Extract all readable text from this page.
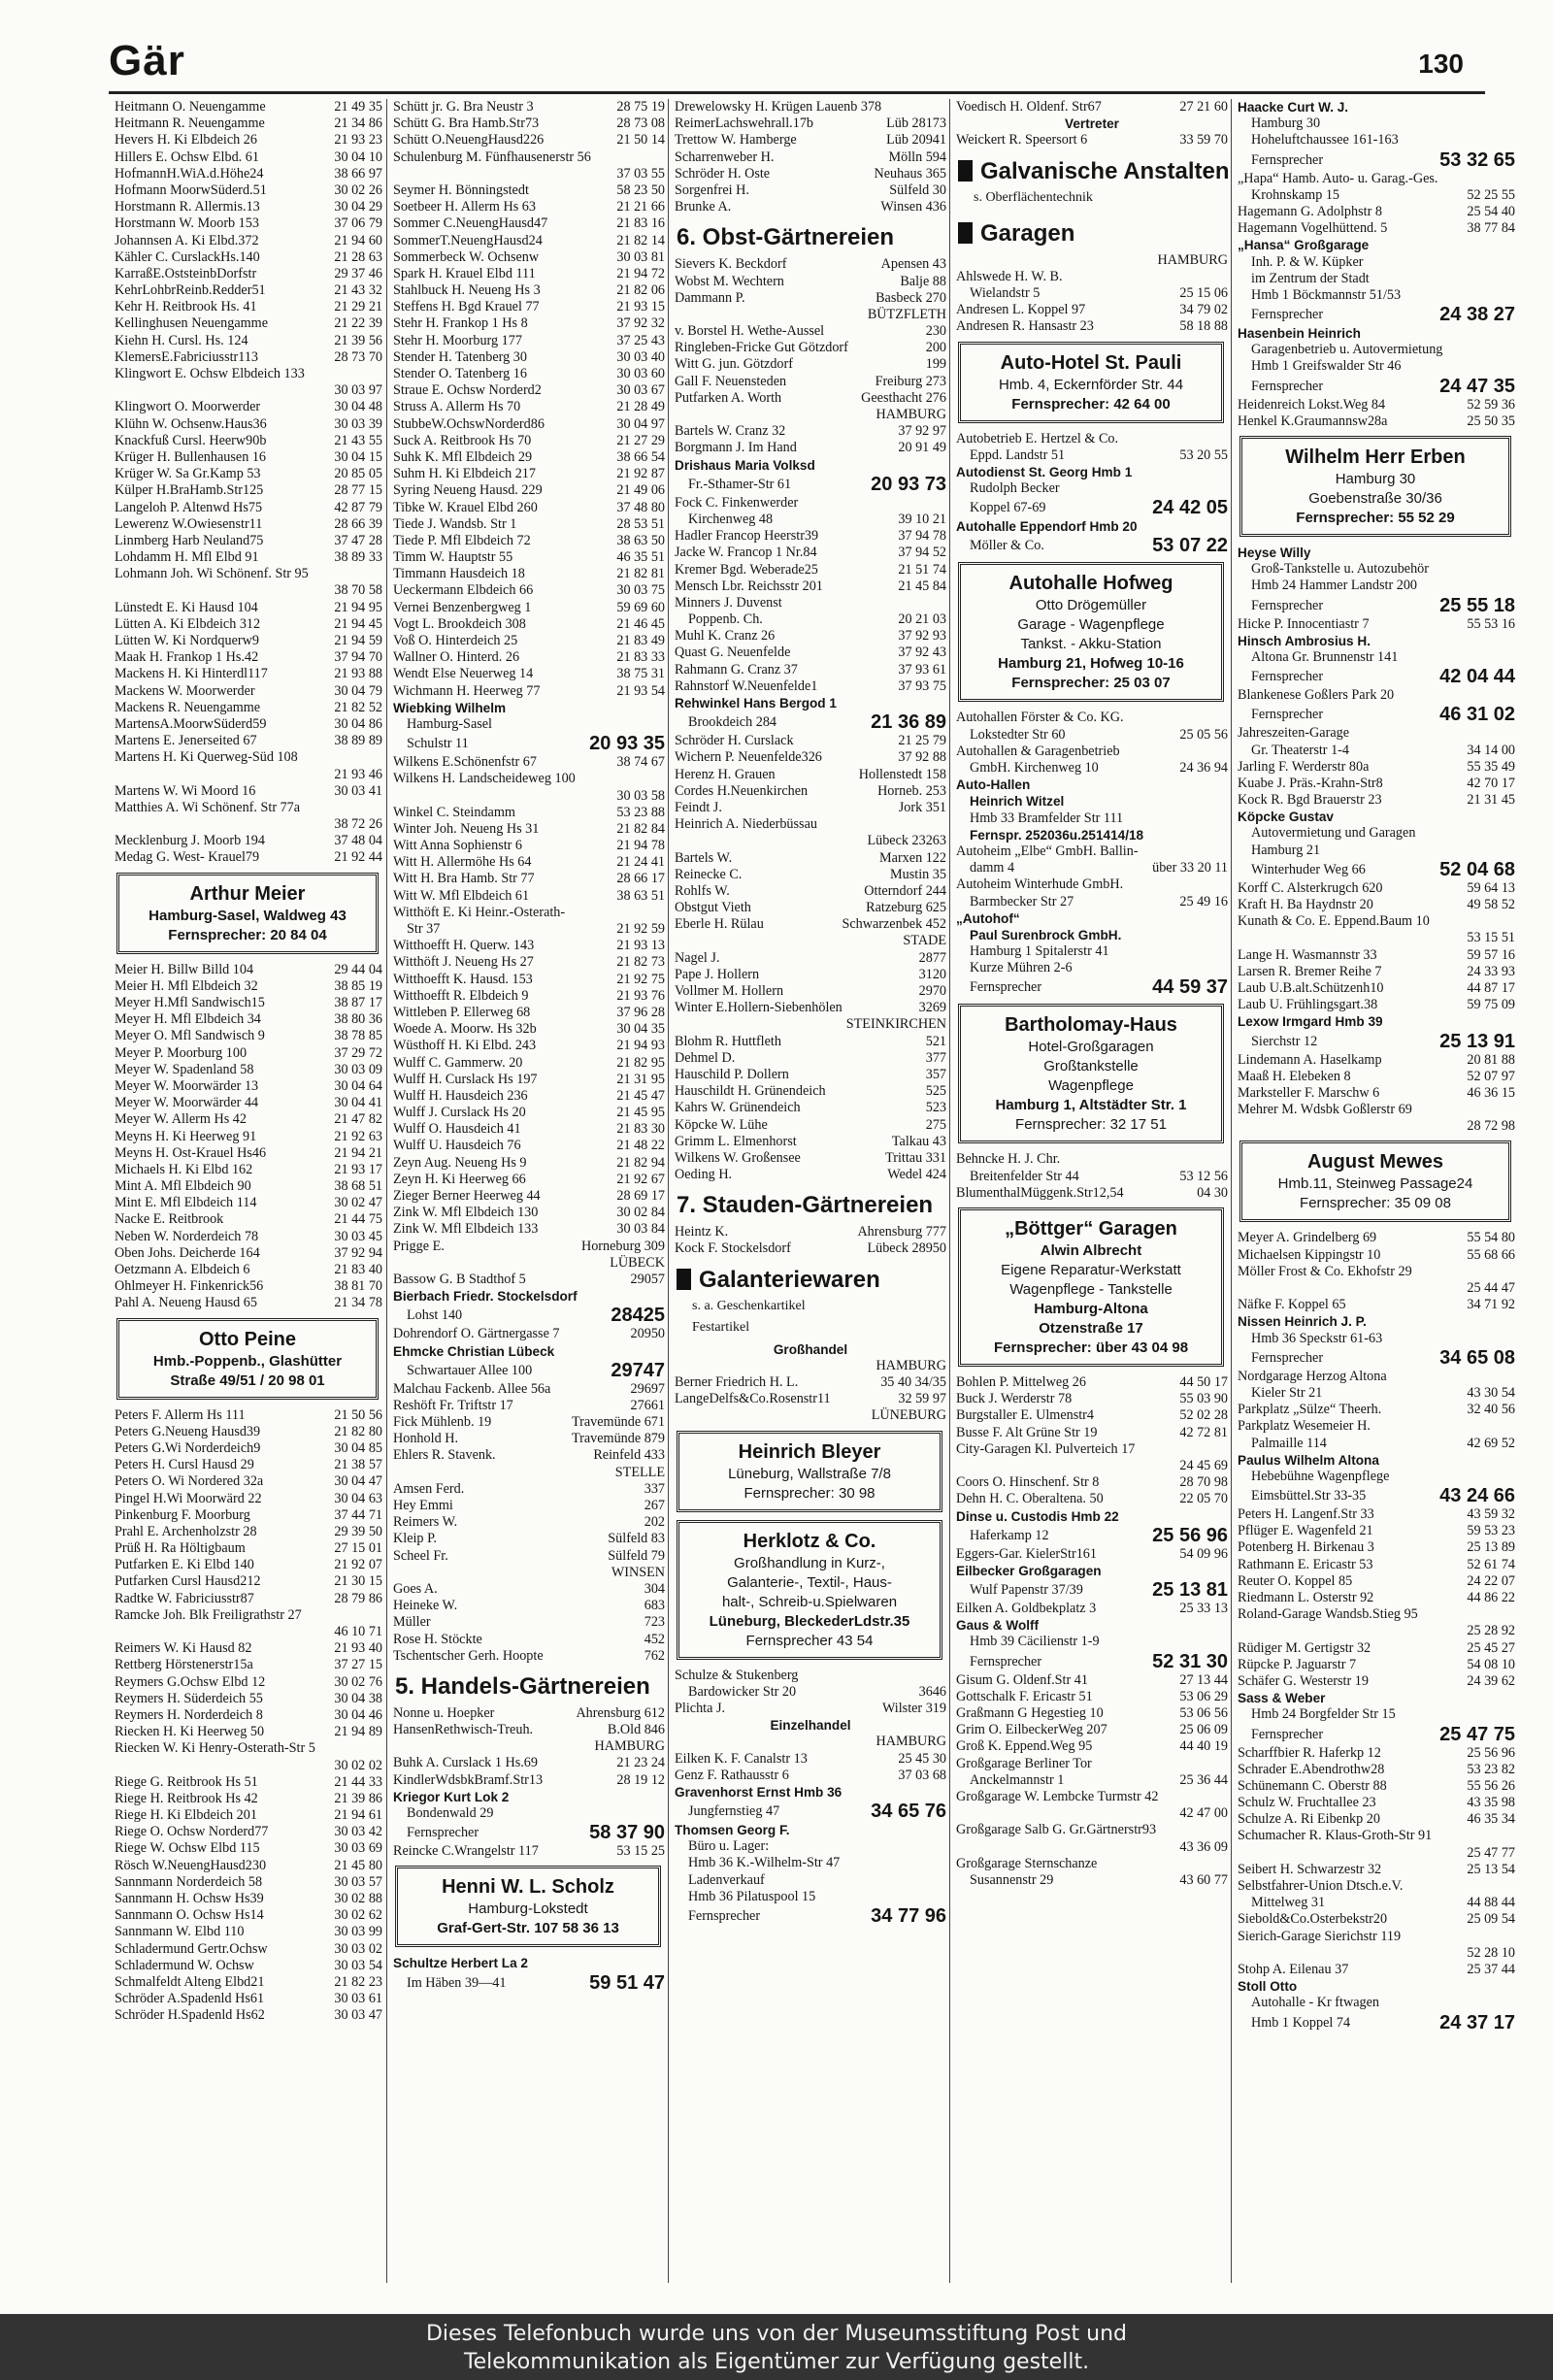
Gär	130
Heitmann O. Neuengamme	21 49 35
Heitmann R. Neuengamme	21 34 86
Hevers H. Ki Elbdeich 26	21 93 23
Hillers E. Ochsw Elbd. 61	30 04 10
HofmannH.WiA.d.Höhe24	38 66 97
Hofmann MoorwSüderd.51	30 02 26
Horstmann R. Allermis.13	30 04 29
Horstmann W. Moorb 153	37 06 79
Johannsen A. Ki Elbd.372	21 94 60
Kähler C. CurslackHs.140	21 28 63
KarraßE.OststeinbDorfstr	29 37 46
KehrLohbrReinb.Redder51	21 43 32
Kehr H. Reitbrook Hs. 41	21 29 21
Kellinghusen Neuengamme	21 22 39
Kiehn H. Cursl. Hs. 124	21 39 56
KlemersE.Fabriciusstr113	28 73 70
Klingwort E. Ochsw Elbdeich 133
30 03 97
Klingwort O. Moorwerder	30 04 48
Klühn W. Ochsenw.Haus36	30 03 39
Knackfuß Cursl. Heerw90b	21 43 55
Krüger H. Bullenhausen 16	30 04 15
Krüger W. Sa Gr.Kamp 53	20 85 05
Külper H.BraHamb.Str125	28 77 15
Langeloh P. Altenwd Hs75	42 87 79
Lewerenz W.Owiesenstr11	28 66 39
Linmberg Harb Neuland75	37 47 28
Lohdamm H. Mfl Elbd 91	38 89 33
Lohmann Joh. Wi Schönenf. Str 95
38 70 58
Lünstedt E. Ki Hausd 104	21 94 95
Lütten A. Ki Elbdeich 312	21 94 45
Lütten W. Ki Nordquerw9	21 94 59
Maak H. Frankop 1 Hs.42	37 94 70
Mackens H. Ki Hinterdl117	21 93 88
Mackens W. Moorwerder	30 04 79
Mackens R. Neuengamme	21 82 52
MartensA.MoorwSüderd59	30 04 86
Martens E. Jenerseited 67	38 89 89
Martens H. Ki Querweg-Süd 108
21 93 46
Martens W. Wi Moord 16	30 03 41
Matthies A. Wi Schönenf. Str 77a
38 72 26
Mecklenburg J. Moorb 194	37 48 04
Medag G. West- Krauel79	21 92 44
Arthur Meier
Hamburg-Sasel, Waldweg 43
Fernsprecher: 20 84 04
Meier H. Billw Billd 104	29 44 04
Meier H. Mfl Elbdeich 32	38 85 19
Meyer H.Mfl Sandwisch15	38 87 17
Meyer H. Mfl Elbdeich 34	38 80 36
Meyer O. Mfl Sandwisch 9	38 78 85
Meyer P. Moorburg 100	37 29 72
Meyer W. Spadenland 58	30 03 09
Meyer W. Moorwärder 13	30 04 64
Meyer W. Moorwärder 44	30 04 41
Meyer W. Allerm Hs 42	21 47 82
Meyns H. Ki Heerweg 91	21 92 63
Meyns H. Ost-Krauel Hs46	21 94 21
Michaels H. Ki Elbd 162	21 93 17
Mint A. Mfl Elbdeich 90	38 68 51
Mint E. Mfl Elbdeich 114	30 02 47
Nacke E. Reitbrook	21 44 75
Neben W. Norderdeich 78	30 03 45
Oben Johs. Deicherde 164	37 92 94
Oetzmann A. Elbdeich 6	21 83 40
Ohlmeyer H. Finkenrick56	38 81 70
Pahl A. Neueng Hausd 65	21 34 78
Otto Peine
Hmb.-Poppenb., Glashütter
Straße 49/51 / 20 98 01
Peters F. Allerm Hs 111	21 50 56
Peters G.Neueng Hausd39	21 82 80
Peters G.Wi Norderdeich9	30 04 85
Peters H. Cursl Hausd 29	21 38 57
Peters O. Wi Nordered 32a	30 04 47
Pingel H.Wi Moorwärd 22	30 04 63
Pinkenburg F. Moorburg	37 44 71
Prahl E. Archenholzstr 28	29 39 50
Prüß H. Ra Höltigbaum	27 15 01
Putfarken E. Ki Elbd 140	21 92 07
Putfarken Cursl Hausd212	21 30 15
Radtke W. Fabriciusstr87	28 79 86
Ramcke Joh. Blk Freiligrathstr 27
46 10 71
Reimers W. Ki Hausd 82	21 93 40
Rettberg Hörstenerstr15a	37 27 15
Reymers G.Ochsw Elbd 12	30 02 76
Reymers H. Süderdeich 55	30 04 38
Reymers H. Norderdeich 8	30 04 46
Riecken H. Ki Heerweg 50	21 94 89
Riecken W. Ki Henry-Osterath-Str 5
30 02 02
Riege G. Reitbrook Hs 51	21 44 33
Riege H. Reitbrook Hs 42	21 39 86
Riege H. Ki Elbdeich 201	21 94 61
Riege O. Ochsw Norderd77	30 03 42
Riege W. Ochsw Elbd 115	30 03 69
Rösch W.NeuengHausd230	21 45 80
Sannmann Norderdeich 58	30 03 57
Sannmann H. Ochsw Hs39	30 02 88
Sannmann O. Ochsw Hs14	30 02 62
Sannmann W. Elbd 110	30 03 99
Schladermund Gertr.Ochsw	30 03 02
Schladermund W. Ochsw	30 03 54
Schmalfeldt Alteng Elbd21	21 82 23
Schröder A.Spadenld Hs61	30 03 61
Schröder H.Spadenld Hs62	30 03 47
Schütt jr. G. Bra Neustr 3	28 75 19
Schütt G. Bra Hamb.Str73	28 73 08
Schütt O.NeuengHausd226	21 50 14
Schulenburg M. Fünfhausenerstr 56
37 03 55
Seymer H. Bönningstedt	58 23 50
Soetbeer H. Allerm Hs 63	21 21 66
Sommer C.NeuengHausd47	21 83 16
SommerT.NeuengHausd24	21 82 14
Sommerbeck W. Ochsenw	30 03 81
Spark H. Krauel Elbd 111	21 94 72
Stahlbuck H. Neueng Hs 3	21 82 06
Steffens H. Bgd Krauel 77	21 93 15
Stehr H. Frankop 1 Hs 8	37 92 32
Stehr H. Moorburg 177	37 25 43
Stender H. Tatenberg 30	30 03 40
Stender O. Tatenberg 16	30 03 60
Straue E. Ochsw Norderd2	30 03 67
Struss A. Allerm Hs 70	21 28 49
StubbeW.OchswNorderd86	30 04 97
Suck A. Reitbrook Hs 70	21 27 29
Suhk K. Mfl Elbdeich 29	38 66 54
Suhm H. Ki Elbdeich 217	21 92 87
Syring Neueng Hausd. 229	21 49 06
Tibke W. Krauel Elbd 260	37 48 80
Tiede J. Wandsb. Str 1	28 53 51
Tiede P. Mfl Elbdeich 72	38 63 50
Timm W. Hauptstr 55	46 35 51
Timmann Hausdeich 18	21 82 81
Ueckermann Elbdeich 66	30 03 75
Vernei Benzenbergweg 1	59 69 60
Vogt L. Brookdeich 308	21 46 45
Voß O. Hinterdeich 25	21 83 49
Wallner O. Hinterd. 26	21 83 33
Wendt Else Neuerweg 14	38 75 31
Wichmann H. Heerweg 77	21 93 54
Wiebking Wilhelm
Hamburg-Sasel
Schulstr 11	20 93 35
Wilkens E.Schönenfstr 67	38 74 67
Wilkens H. Landscheideweg 100
30 03 58
Winkel C. Steindamm	53 23 88
Winter Joh. Neueng Hs 31	21 82 84
Witt Anna Sophienstr 6	21 94 78
Witt H. Allermöhe Hs 64	21 24 41
Witt H. Bra Hamb. Str 77	28 66 17
Witt W. Mfl Elbdeich 61	38 63 51
Witthöft E. Ki Heinr.-Osterath-
Str 37	21 92 59
Witthoefft H. Querw. 143	21 93 13
Witthöft J. Neueng Hs 27	21 82 73
Witthoefft K. Hausd. 153	21 92 75
Witthoefft R. Elbdeich 9	21 93 76
Wittleben P. Ellerweg 68	37 96 28
Woede A. Moorw. Hs 32b	30 04 35
Wüsthoff H. Ki Elbd. 243	21 94 93
Wulff C. Gammerw. 20	21 82 95
Wulff H. Curslack Hs 197	21 31 95
Wulff H. Hausdeich 236	21 45 47
Wulff J. Curslack Hs 20	21 45 95
Wulff O. Hausdeich 41	21 83 30
Wulff U. Hausdeich 76	21 48 22
Zeyn Aug. Neueng Hs 9	21 82 94
Zeyn H. Ki Heerweg 66	21 92 67
Zieger Berner Heerweg 44	28 69 17
Zink W. Mfl Elbdeich 130	30 02 84
Zink W. Mfl Elbdeich 133	30 03 84
Prigge E.	Horneburg 309
LÜBECK
Bassow G. B Stadthof 5	29057
Bierbach Friedr. Stockelsdorf
Lohst 140	28425
Dohrendorf O. Gärtnergasse 7	20950
Ehmcke Christian Lübeck
Schwartauer Allee 100	29747
Malchau Fackenb. Allee 56a	29697
Reshöft Fr. Triftstr 17	27661
Fick Mühlenb. 19	Travemünde 671
Honhold H.	Travemünde 879
Ehlers R. Stavenk.	Reinfeld 433
STELLE
Amsen Ferd.	337
Hey Emmi	267
Reimers W.	202
Kleip P.	Sülfeld 83
Scheel Fr.	Sülfeld 79
WINSEN
Goes A.	304
Heineke W.	683
Müller	723
Rose H. Stöckte	452
Tschentscher Gerh. Hoopte	762
5. Handels-Gärtnereien
Nonne u. Hoepker	Ahrensburg 612
HansenRethwisch-Treuh.	B.Old 846
HAMBURG
Buhk A. Curslack 1 Hs.69	21 23 24
KindlerWdsbkBramf.Str13	28 19 12
Kriegor Kurt Lok 2
Bondenwald 29
Fernsprecher	58 37 90
Reincke C.Wrangelstr 117	53 15 25
Henni W. L. Scholz
Hamburg-Lokstedt
Graf-Gert-Str. 107 58 36 13
Schultze Herbert La 2
Im Häben 39—41	59 51 47
Drewelowsky H. Krügen Lauenb 378
ReimerLachswehrall.17b	Lüb 28173
Trettow W. Hamberge	Lüb 20941
Scharrenweber H.	Mölln 594
Schröder H. Oste	Neuhaus 365
Sorgenfrei H.	Sülfeld 30
Brunke A.	Winsen 436
6. Obst-Gärtnereien
Sievers K. Beckdorf	Apensen 43
Wobst M. Wechtern	Balje 88
Dammann P.	Basbeck 270
BÜTZFLETH
v. Borstel H. Wethe-Aussel	230
Ringleben-Fricke Gut Götzdorf	200
Witt G. jun. Götzdorf	199
Gall F. Neuensteden	Freiburg 273
Putfarken A. Worth	Geesthacht 276
HAMBURG
Bartels W. Cranz 32	37 92 97
Borgmann J. Im Hand	20 91 49
Drishaus Maria Volksd
Fr.-Sthamer-Str 61	20 93 73
Fock C. Finkenwerder
Kirchenweg 48	39 10 21
Hadler Francop Heerstr39	37 94 78
Jacke W. Francop 1 Nr.84	37 94 52
Kremer Bgd. Weberade25	21 51 74
Mensch Lbr. Reichsstr 201	21 45 84
Minners J. Duvenst
Poppenb. Ch.	20 21 03
Muhl K. Cranz 26	37 92 93
Quast G. Neuenfelde	37 92 43
Rahmann G. Cranz 37	37 93 61
Rahnstorf W.Neuenfelde1	37 93 75
Rehwinkel Hans Bergod 1
Brookdeich 284	21 36 89
Schröder H. Curslack	21 25 79
Wichern P. Neuenfelde326	37 92 88
Herenz H. Grauen	Hollenstedt 158
Cordes H.Neuenkirchen	Horneb. 253
Feindt J.	Jork 351
Heinrich A. Niederbüssau
Lübeck 23263
Bartels W.	Marxen 122
Reinecke C.	Mustin 35
Rohlfs W.	Otterndorf 244
Obstgut Vieth	Ratzeburg 625
Eberle H. Rülau	Schwarzenbek 452
STADE
Nagel J.	2877
Pape J. Hollern	3120
Vollmer M. Hollern	2970
Winter E.Hollern-Siebenhölen	3269
STEINKIRCHEN
Blohm R. Huttfleth	521
Dehmel D.	377
Hauschild P. Dollern	357
Hauschildt H. Grünendeich	525
Kahrs W. Grünendeich	523
Köpcke W. Lühe	275
Grimm L. Elmenhorst	Talkau 43
Wilkens W. Großensee	Trittau 331
Oeding H.	Wedel 424
7. Stauden-Gärtnereien
Heintz K.	Ahrensburg 777
Kock F. Stockelsdorf	Lübeck 28950
Galanteriewaren
s. a. Geschenkartikel
Festartikel
Großhandel
HAMBURG
Berner Friedrich H. L.	35 40 34/35
LangeDelfs&Co.Rosenstr11	32 59 97
LÜNEBURG
Heinrich Bleyer
Lüneburg, Wallstraße 7/8
Fernsprecher: 30 98
Herklotz & Co.
Großhandlung in Kurz-,
Galanterie-, Textil-, Haus-
halt-, Schreib-u.Spielwaren
Lüneburg, BleckederLdstr.35
Fernsprecher 43 54
Schulze & Stukenberg
Bardowicker Str 20	3646
Plichta J.	Wilster 319
Einzelhandel
HAMBURG
Eilken K. F. Canalstr 13	25 45 30
Genz F. Rathausstr 6	37 03 68
Gravenhorst Ernst Hmb 36
Jungfernstieg 47	34 65 76
Thomsen Georg F.
Büro u. Lager:
Hmb 36 K.-Wilhelm-Str 47
Ladenverkauf
Hmb 36 Pilatuspool 15
Fernsprecher	34 77 96
Voedisch H. Oldenf. Str67	27 21 60
Vertreter
Weickert R. Speersort 6	33 59 70
Galvanische Anstalten
s. Oberflächentechnik
Garagen
HAMBURG
Ahlswede H. W. B.
Wielandstr 5	25 15 06
Andresen L. Koppel 97	34 79 02
Andresen R. Hansastr 23	58 18 88
Auto-Hotel St. Pauli
Hmb. 4, Eckernförder Str. 44
Fernsprecher: 42 64 00
Autobetrieb E. Hertzel & Co.
Eppd. Landstr 51	53 20 55
Autodienst St. Georg Hmb 1
Rudolph Becker
Koppel 67-69	24 42 05
Autohalle Eppendorf Hmb 20
Möller & Co.	53 07 22
Autohalle Hofweg
Otto Drögemüller
Garage - Wagenpflege
Tankst. - Akku-Station
Hamburg 21, Hofweg 10-16
Fernsprecher: 25 03 07
Autohallen Förster & Co. KG.
Lokstedter Str 60	25 05 56
Autohallen & Garagenbetrieb
GmbH. Kirchenweg 10	24 36 94
Auto-Hallen
Heinrich Witzel
Hmb 33 Bramfelder Str 111
Fernspr. 252036u.251414/18
Autoheim „Elbe“ GmbH. Ballin-
damm 4	über 33 20 11
Autoheim Winterhude GmbH.
Barmbecker Str 27	25 49 16
„Autohof“
Paul Surenbrock GmbH.
Hamburg 1 Spitalerstr 41
Kurze Mühren 2-6
Fernsprecher	44 59 37
Bartholomay-Haus
Hotel-Großgaragen
Großtankstelle
Wagenpflege
Hamburg 1, Altstädter Str. 1
Fernsprecher: 32 17 51
Behncke H. J. Chr.
Breitenfelder Str 44	53 12 56
BlumenthalMüggenk.Str12,54	04 30
„Böttger“ Garagen
Alwin Albrecht
Eigene Reparatur-Werkstatt
Wagenpflege - Tankstelle
Hamburg-Altona
Otzenstraße 17
Fernsprecher: über 43 04 98
Bohlen P. Mittelweg 26	44 50 17
Buck J. Werderstr 78	55 03 90
Burgstaller E. Ulmenstr4	52 02 28
Busse F. Alt Grüne Str 19	42 72 81
City-Garagen Kl. Pulverteich 17
24 45 69
Coors O. Hinschenf. Str 8	28 70 98
Dehn H. C. Oberaltena. 50	22 05 70
Dinse u. Custodis Hmb 22
Haferkamp 12	25 56 96
Eggers-Gar. KielerStr161	54 09 96
Eilbecker Großgaragen
Wulf Papenstr 37/39	25 13 81
Eilken A. Goldbekplatz 3	25 33 13
Gaus & Wolff
Hmb 39 Cäcilienstr 1-9
Fernsprecher	52 31 30
Gisum G. Oldenf.Str 41	27 13 44
Gottschalk F. Ericastr 51	53 06 29
Graßmann G Hegestieg 10	53 06 56
Grim O. EilbeckerWeg 207	25 06 09
Groß K. Eppend.Weg 95	44 40 19
Großgarage Berliner Tor
Anckelmannstr 1	25 36 44
Großgarage W. Lembcke Turmstr 42
42 47 00
Großgarage Salb G. Gr.Gärtnerstr93
43 36 09
Großgarage Sternschanze
Susannenstr 29	43 60 77
Haacke Curt W. J.
Hamburg 30
Hoheluftchaussee 161-163
Fernsprecher	53 32 65
„Hapa“ Hamb. Auto- u. Garag.-Ges.
Krohnskamp 15	52 25 55
Hagemann G. Adolphstr 8	25 54 40
Hagemann Vogelhüttend. 5	38 77 84
„Hansa“ Großgarage
Inh. P. & W. Küpker
im Zentrum der Stadt
Hmb 1 Böckmannstr 51/53
Fernsprecher	24 38 27
Hasenbein Heinrich
Garagenbetrieb u. Autovermietung
Hmb 1 Greifswalder Str 46
Fernsprecher	24 47 35
Heidenreich Lokst.Weg 84	52 59 36
Henkel K.Graumannsw28a	25 50 35
Wilhelm Herr Erben
Hamburg 30
Goebenstraße 30/36
Fernsprecher: 55 52 29
Heyse Willy
Groß-Tankstelle u. Autozubehör
Hmb 24 Hammer Landstr 200
Fernsprecher	25 55 18
Hicke P. Innocentiastr 7	55 53 16
Hinsch Ambrosius H.
Altona Gr. Brunnenstr 141
Fernsprecher	42 04 44
Blankenese Goßlers Park 20
Fernsprecher	46 31 02
Jahreszeiten-Garage
Gr. Theaterstr 1-4	34 14 00
Jarling F. Werderstr 80a	55 35 49
Kuabe J. Präs.-Krahn-Str8	42 70 17
Kock R. Bgd Brauerstr 23	21 31 45
Köpcke Gustav
Autovermietung und Garagen
Hamburg 21
Winterhuder Weg 66	52 04 68
Korff C. Alsterkrugch 620	59 64 13
Kraft H. Ba Haydnstr 20	49 58 52
Kunath & Co. E. Eppend.Baum 10
53 15 51
Lange H. Wasmannstr 33	59 57 16
Larsen R. Bremer Reihe 7	24 33 93
Laub U.B.alt.Schützenh10	44 87 17
Laub U. Frühlingsgart.38	59 75 09
Lexow Irmgard Hmb 39
Sierchstr 12	25 13 91
Lindemann A. Haselkamp	20 81 88
Maaß H. Elebeken 8	52 07 97
Marksteller F. Marschw 6	46 36 15
Mehrer M. Wdsbk Goßlerstr 69
28 72 98
August Mewes
Hmb.11, Steinweg Passage24
Fernsprecher: 35 09 08
Meyer A. Grindelberg 69	55 54 80
Michaelsen Kippingstr 10	55 68 66
Möller Frost & Co. Ekhofstr 29
25 44 47
Näfke F. Koppel 65	34 71 92
Nissen Heinrich J. P.
Hmb 36 Speckstr 61-63
Fernsprecher	34 65 08
Nordgarage Herzog Altona
Kieler Str 21	43 30 54
Parkplatz „Sülze“ Theerh.	32 40 56
Parkplatz Wesemeier H.
Palmaille 114	42 69 52
Paulus Wilhelm Altona
Hebebühne Wagenpflege
Eimsbüttel.Str 33-35	43 24 66
Peters H. Langenf.Str 33	43 59 32
Pflüger E. Wagenfeld 21	59 53 23
Potenberg H. Birkenau 3	25 13 89
Rathmann E. Ericastr 53	52 61 74
Reuter O. Koppel 85	24 22 07
Riedmann L. Osterstr 92	44 86 22
Roland-Garage Wandsb.Stieg 95
25 28 92
Rüdiger M. Gertigstr 32	25 45 27
Rüpcke P. Jaguarstr 7	54 08 10
Schäfer G. Westerstr 19	24 39 62
Sass & Weber
Hmb 24 Borgfelder Str 15
Fernsprecher	25 47 75
Scharffbier R. Haferkp 12	25 56 96
Schrader E.Abendrothw28	53 23 82
Schünemann C. Oberstr 88	55 56 26
Schulz W. Fruchtallee 23	43 35 98
Schulze A. Ri Eibenkp 20	46 35 34
Schumacher R. Klaus-Groth-Str 91
25 47 77
Seibert H. Schwarzestr 32	25 13 54
Selbstfahrer-Union Dtsch.e.V.
Mittelweg 31	44 88 44
Siebold&Co.Osterbekstr20	25 09 54
Sierich-Garage Sierichstr 119
52 28 10
Stohp A. Eilenau 37	25 37 44
Stoll Otto
Autohalle - Kr ftwagen
Hmb 1 Koppel 74	24 37 17
Dieses Telefonbuch wurde uns von der Museumsstiftung Post und
Telekommunikation als Eigentümer zur Verfügung gestellt.
